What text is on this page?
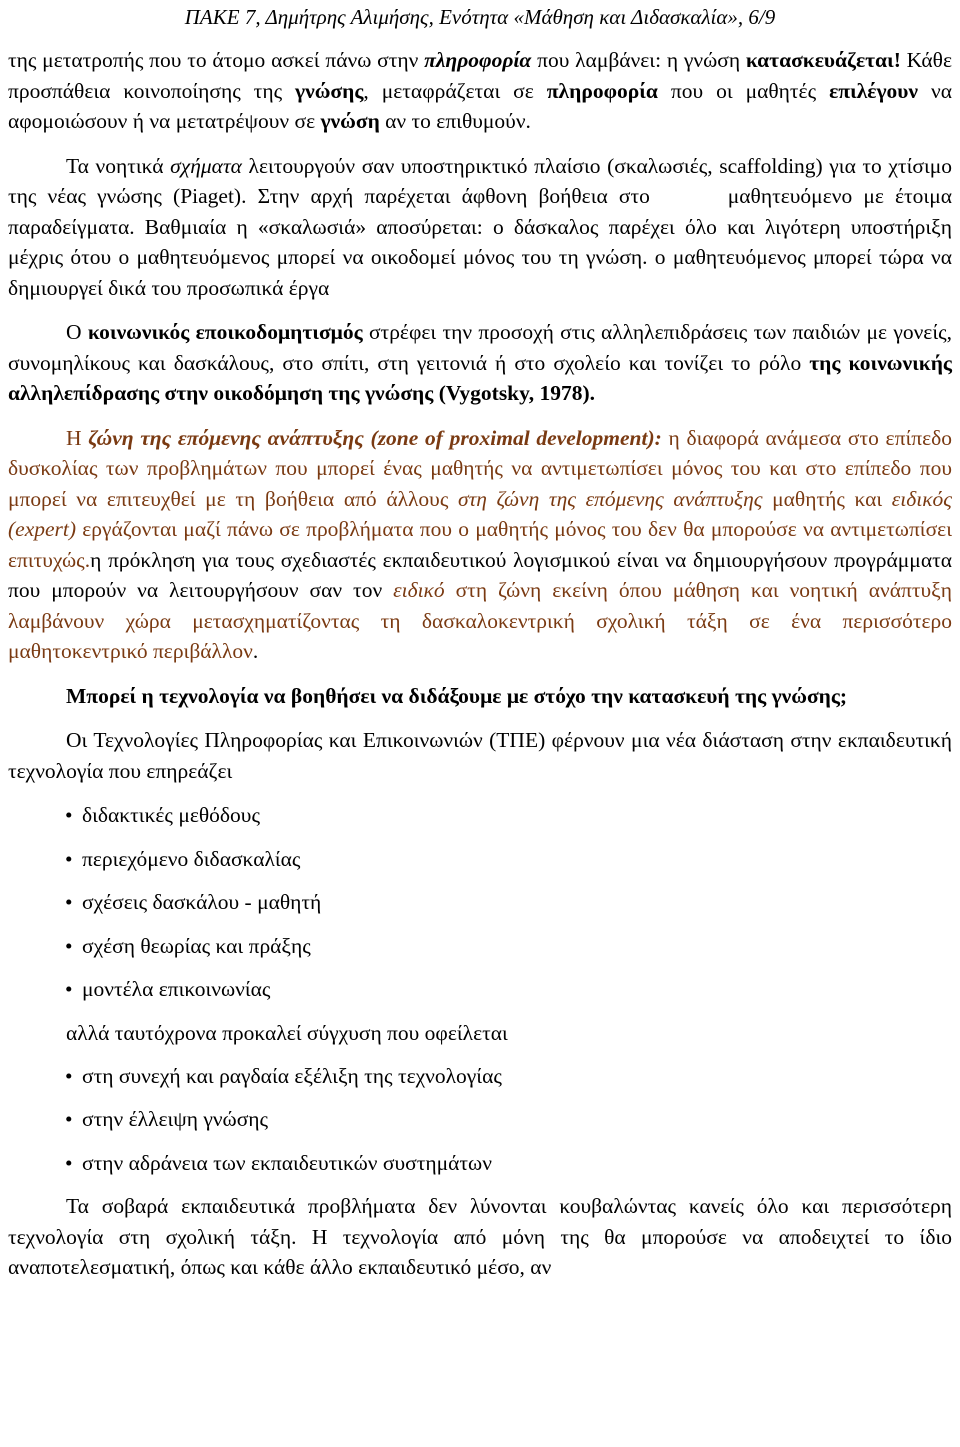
ΠΑΚΕ 7, Δημήτρης Αλιμήσης, Ενότητα «Μάθηση και Διδασκαλία», 6/9

της μετατροπής που το άτομο ασκεί πάνω στην πληροφορία που λαμβάνει: η γνώση κατασκευάζεται! Κάθε προσπάθεια κοινοποίησης της γνώσης, μεταφράζεται σε πληροφορία που οι μαθητές επιλέγουν να αφομοιώσουν ή να μετατρέψουν σε γνώση αν το επιθυμούν.

Τα νοητικά σχήματα λειτουργούν σαν υποστηρικτικό πλαίσιο (σκαλωσιές, scaffolding) για το χτίσιμο της νέας γνώσης (Piaget). Στην αρχή παρέχεται άφθονη βοήθεια στο       μαθητευόμενο με έτοιμα παραδείγματα. Βαθμιαία η «σκαλωσιά» αποσύρεται: ο δάσκαλος παρέχει όλο και λιγότερη υποστήριξη μέχρις ότου ο μαθητευόμενος μπορεί να οικοδομεί μόνος του τη γνώση. ο μαθητευόμενος μπορεί τώρα να δημιουργεί δικά του προσωπικά έργα

Ο κοινωνικός εποικοδομητισμός στρέφει την προσοχή στις αλληλεπιδράσεις των παιδιών με γονείς, συνομηλίκους και δασκάλους, στο σπίτι, στη γειτονιά ή στο σχολείο και τονίζει το ρόλο της κοινωνικής αλληλεπίδρασης στην οικοδόμηση της γνώσης (Vygotsky, 1978).

Η ζώνη της επόμενης ανάπτυξης (zone of proximal development): η διαφορά ανάμεσα στο επίπεδο δυσκολίας των προβλημάτων που μπορεί ένας μαθητής να αντιμετωπίσει μόνος του και στο επίπεδο που μπορεί να επιτευχθεί με τη βοήθεια από άλλους στη ζώνη της επόμενης ανάπτυξης μαθητής και ειδικός (expert) εργάζονται μαζί πάνω σε προβλήματα που ο μαθητής μόνος του δεν θα μπορούσε να αντιμετωπίσει επιτυχώς.η πρόκληση για τους σχεδιαστές εκπαιδευτικού λογισμικού είναι να δημιουργήσουν προγράμματα που μπορούν να λειτουργήσουν σαν τον ειδικό στη ζώνη εκείνη όπου μάθηση και νοητική ανάπτυξη λαμβάνουν χώρα μετασχηματίζοντας τη δασκαλοκεντρική σχολική τάξη σε ένα περισσότερο μαθητοκεντρικό περιβάλλον.

Μπορεί η τεχνολογία να βοηθήσει να διδάξουμε με στόχο την κατασκευή της γνώσης;

Οι Τεχνολογίες Πληροφορίας και Επικοινωνιών (ΤΠΕ) φέρνουν μια νέα διάσταση στην εκπαιδευτική τεχνολογία που επηρεάζει

• διδακτικές μεθόδους
• περιεχόμενο διδασκαλίας
• σχέσεις δασκάλου - μαθητή
• σχέση θεωρίας και πράξης
• μοντέλα επικοινωνίας
αλλά ταυτόχρονα προκαλεί σύγχυση που οφείλεται
• στη συνεχή και ραγδαία εξέλιξη της τεχνολογίας
• στην έλλειψη γνώσης
• στην αδράνεια των εκπαιδευτικών συστημάτων

Τα σοβαρά εκπαιδευτικά προβλήματα δεν λύνονται κουβαλώντας κανείς όλο και περισσότερη τεχνολογία στη σχολική τάξη. Η τεχνολογία από μόνη της θα μπορούσε να αποδειχτεί το ίδιο αναποτελεσματική, όπως και κάθε άλλο εκπαιδευτικό μέσο, αν
